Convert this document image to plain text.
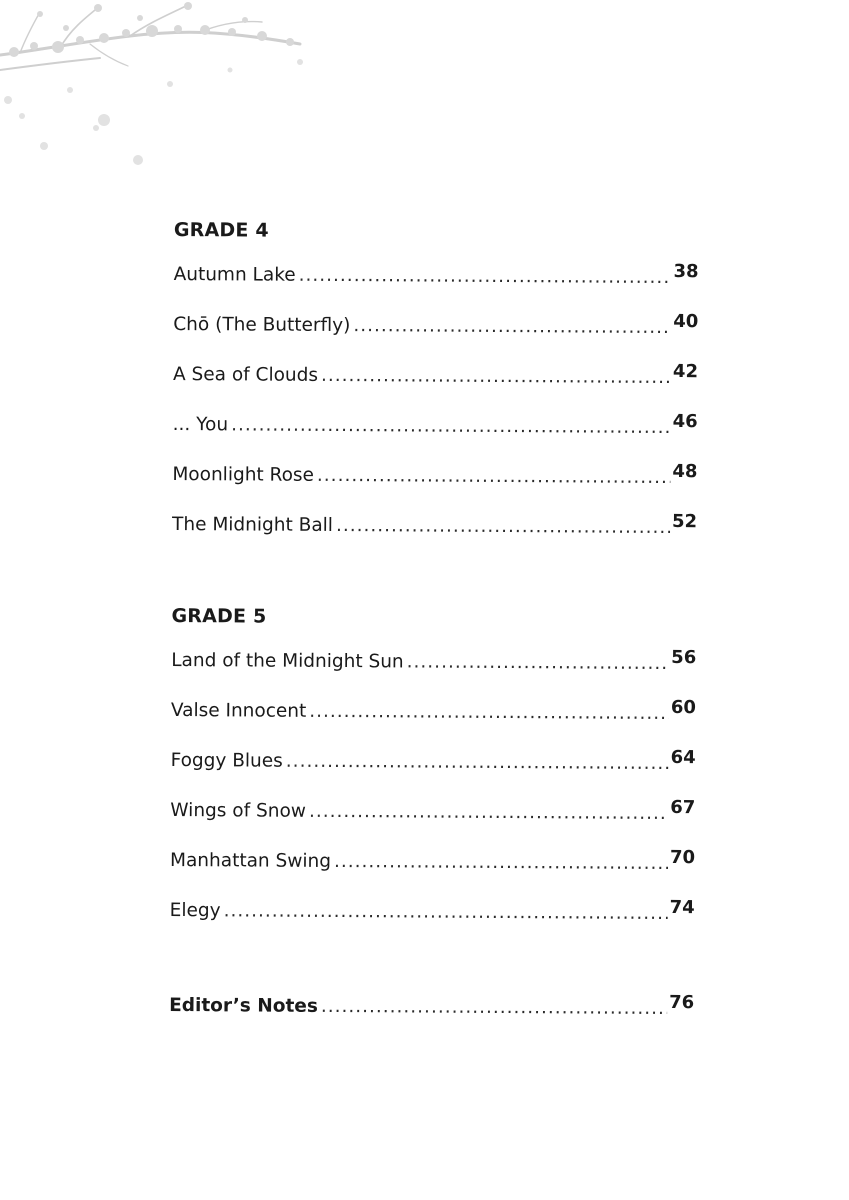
GRADE 4
Autumn Lake .....	38
Chō (The Butterfly) .....	40
A Sea of Clouds .....	42
... You .....	46
Moonlight Rose .....	48
The Midnight Ball .....	52
GRADE 5
Land of the Midnight Sun .....	56
Valse Innocent .....	60
Foggy Blues .....	64
Wings of Snow .....	67
Manhattan Swing .....	70
Elegy .....	74
Editor’s Notes .....	76
